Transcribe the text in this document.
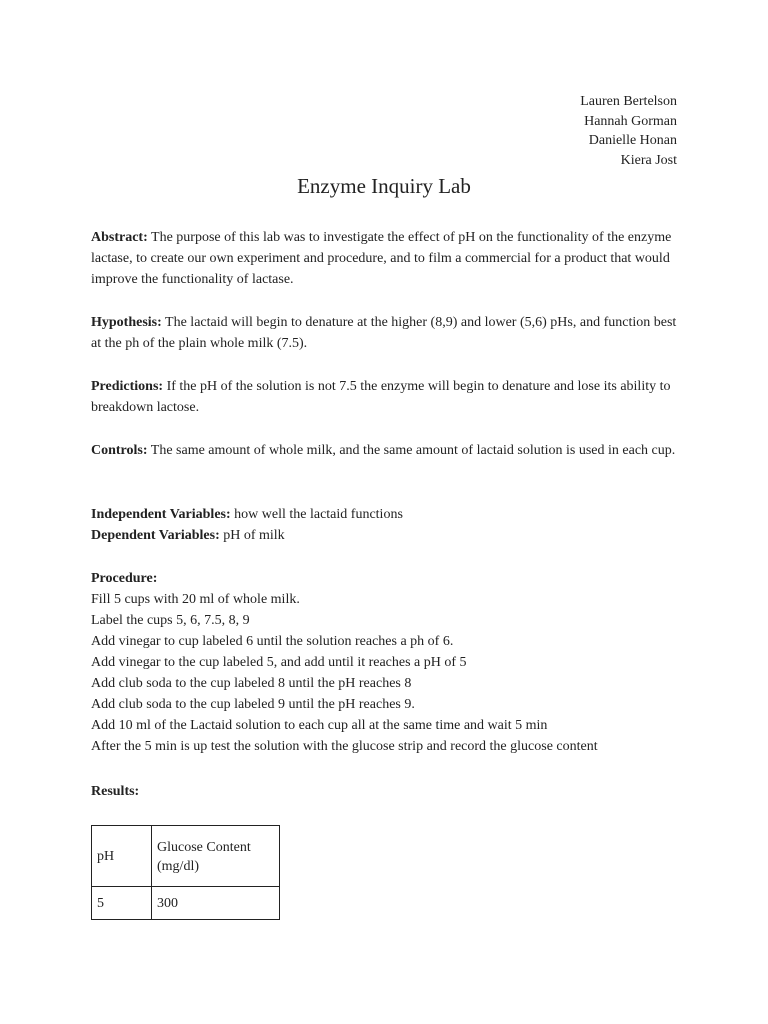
Lauren Bertelson
Hannah Gorman
Danielle Honan
Kiera Jost
Enzyme Inquiry Lab
Abstract: The purpose of this lab was to investigate the effect of pH on the functionality of the enzyme lactase, to create our own experiment and procedure, and to film a commercial for a product that would improve the functionality of lactase.
Hypothesis: The lactaid will begin to denature at the higher (8,9) and lower (5,6) pHs, and function best at the ph of the plain whole milk (7.5).
Predictions: If the pH of the solution is not 7.5 the enzyme will begin to denature and lose its ability to breakdown lactose.
Controls: The same amount of whole milk, and the same amount of lactaid solution is used in each cup.
Independent Variables: how well the lactaid functions
Dependent Variables: pH of milk
Procedure:
Fill 5 cups with 20 ml of whole milk.
Label the cups 5, 6, 7.5, 8, 9
Add vinegar to cup labeled 6 until the solution reaches a ph of 6.
Add vinegar to the cup labeled 5, and add until it reaches a pH of 5
Add club soda to the cup labeled 8 until the pH reaches 8
Add club soda to the cup labeled 9 until the pH reaches 9.
Add 10 ml of the Lactaid solution to each cup all at the same time and wait 5 min
After the 5 min is up test the solution with the glucose strip and record the glucose content
Results:
pH	Glucose Content (mg/dl)
5	300
